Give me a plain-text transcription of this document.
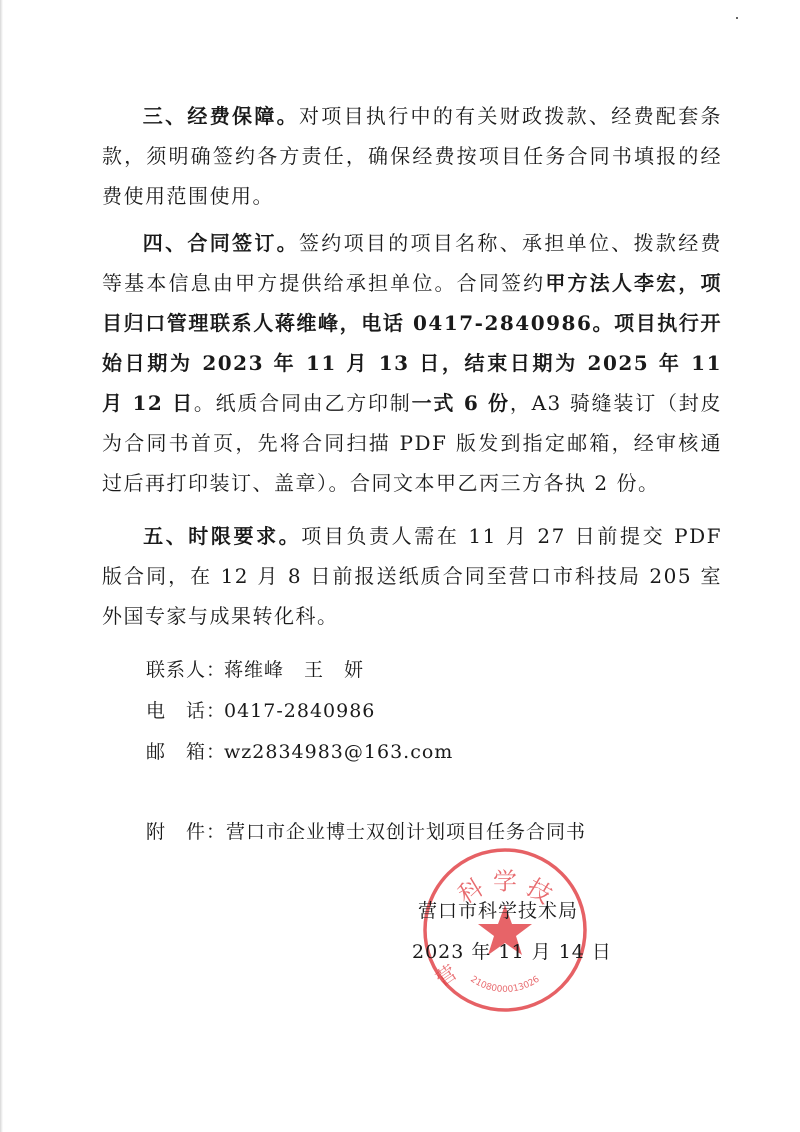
三、经费保障。对项目执行中的有关财政拨款、经费配套条款，须明确签约各方责任，确保经费按项目任务合同书填报的经费使用范围使用。
四、合同签订。签约项目的项目名称、承担单位、拨款经费等基本信息由甲方提供给承担单位。合同签约甲方法人李宏，项目归口管理联系人蒋维峰，电话 0417-2840986。项目执行开始日期为 2023 年 11 月 13 日，结束日期为 2025 年 11 月 12 日。纸质合同由乙方印制一式 6 份，A3 骑缝装订（封皮为合同书首页，先将合同扫描 PDF 版发到指定邮箱，经审核通过后再打印装订、盖章）。合同文本甲乙丙三方各执 2 份。
五、时限要求。项目负责人需在 11 月 27 日前提交 PDF 版合同，在 12 月 8 日前报送纸质合同至营口市科技局 205 室外国专家与成果转化科。
联系人：蒋维峰　王　妍
电　话：0417-2840986
邮　箱：wz2834983@163.com
附　件：营口市企业博士双创计划项目任务合同书
科 学 技
2108000013026
营
营口市科学技术局
2023 年 11 月 14 日
